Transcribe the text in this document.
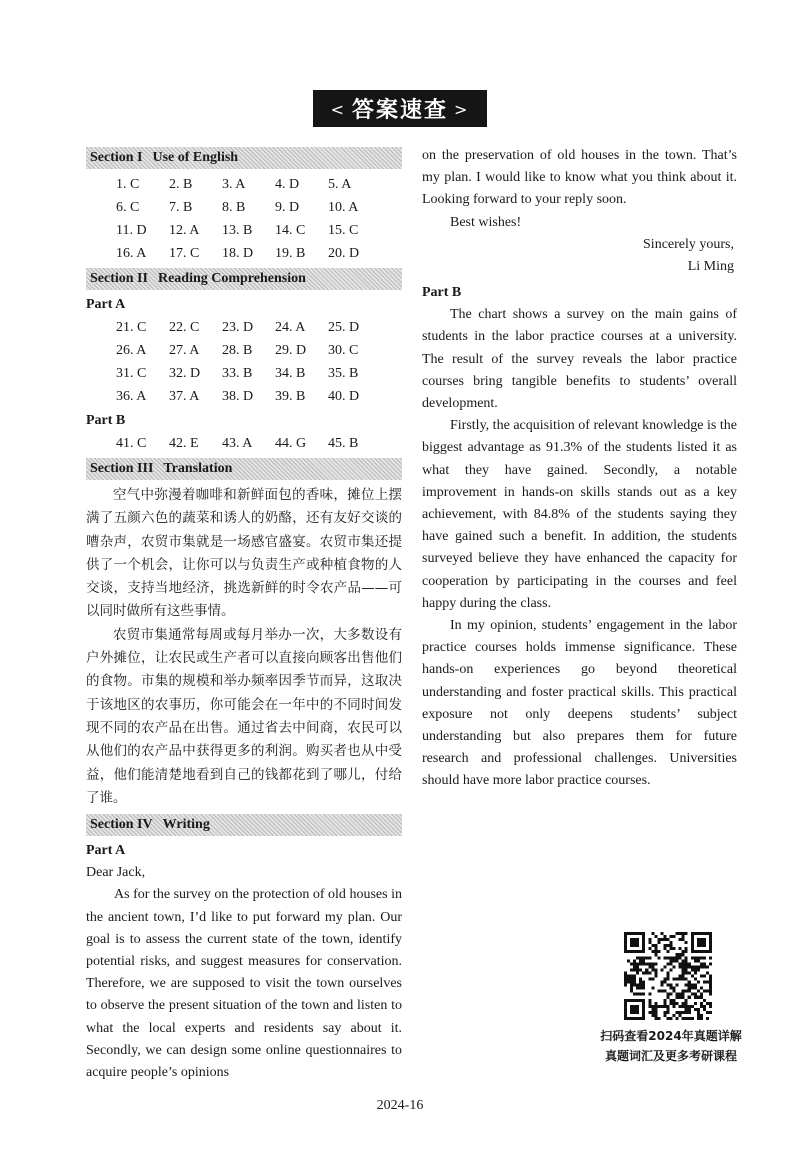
< 答案速查 >
Section I Use of English
1. C	2. B	3. A	4. D	5. A
6. C	7. B	8. B	9. D	10. A
11. D	12. A	13. B	14. C	15. C
16. A	17. C	18. D	19. B	20. D
Section II Reading Comprehension
Part A
21. C	22. C	23. D	24. A	25. D
26. A	27. A	28. B	29. D	30. C
31. C	32. D	33. B	34. B	35. B
36. A	37. A	38. D	39. B	40. D
Part B
41. C	42. E	43. A	44. G	45. B
Section III Translation

空气中弥漫着咖啡和新鲜面包的香味，摊位上摆满了五颜六色的蔬菜和诱人的奶酪，还有友好交谈的嘈杂声，农贸市集就是一场感官盛宴。农贸市集还提供了一个机会，让你可以与负责生产或种植食物的人交谈，支持当地经济，挑选新鲜的时令农产品——可以同时做所有这些事情。

农贸市集通常每周或每月举办一次，大多数设有户外摊位，让农民或生产者可以直接向顾客出售他们的食物。市集的规模和举办频率因季节而异，这取决于该地区的农事历，你可能会在一年中的不同时间发现不同的农产品在出售。通过省去中间商，农民可以从他们的农产品中获得更多的利润。购买者也从中受益，他们能清楚地看到自己的钱都花到了哪儿，付给了谁。

Section IV Writing
Part A

Dear Jack,

As for the survey on the protection of old houses in the ancient town, I’d like to put forward my plan. Our goal is to assess the current state of the town, identify potential risks, and suggest measures for conservation. Therefore, we are supposed to visit the town ourselves to observe the present situation of the town and listen to what the local experts and residents say about it. Secondly, we can design some online questionnaires to acquire people’s opinions

on the preservation of old houses in the town. That’s my plan. I would like to know what you think about it. Looking forward to your reply soon.

Best wishes!

Sincerely yours,

Li Ming

Part B

The chart shows a survey on the main gains of students in the labor practice courses at a university. The result of the survey reveals the labor practice courses bring tangible benefits to students’ overall development.

Firstly, the acquisition of relevant knowledge is the biggest advantage as 91.3% of the students listed it as what they have gained. Secondly, a notable improvement in hands-on skills stands out as a key achievement, with 84.8% of the students saying they have gained such a benefit. In addition, the students surveyed believe they have enhanced the capacity for cooperation by participating in the courses and feel happy during the class.

In my opinion, students’ engagement in the labor practice courses holds immense significance. These hands-on experiences go beyond theoretical understanding and foster practical skills. This practical exposure not only deepens students’ subject understanding but also prepares them for future research and professional challenges. Universities should have more labor practice courses.

扫码查看2024年真题详解
真题词汇及更多考研课程
2024-16
